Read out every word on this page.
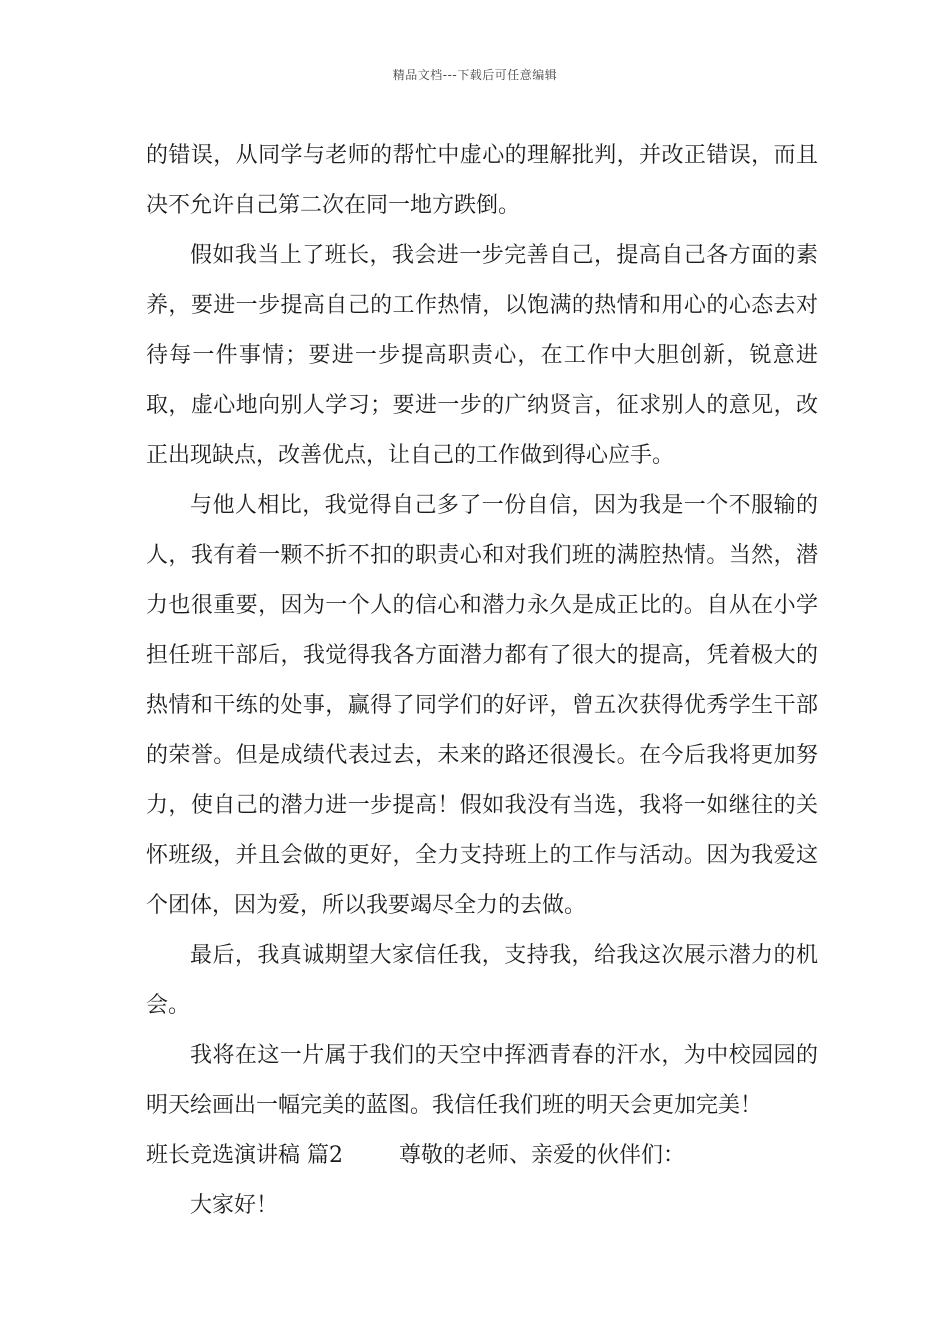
精品文档---下载后可任意编辑

的错误，从同学与老师的帮忙中虚心的理解批判，并改正错误，而且决不允许自己第二次在同一地方跌倒。

假如我当上了班长，我会进一步完善自己，提高自己各方面的素养，要进一步提高自己的工作热情，以饱满的热情和用心的心态去对待每一件事情；要进一步提高职责心，在工作中大胆创新，锐意进取，虚心地向别人学习；要进一步的广纳贤言，征求别人的意见，改正出现缺点，改善优点，让自己的工作做到得心应手。

与他人相比，我觉得自己多了一份自信，因为我是一个不服输的人，我有着一颗不折不扣的职责心和对我们班的满腔热情。当然，潜力也很重要，因为一个人的信心和潜力永久是成正比的。自从在小学担任班干部后，我觉得我各方面潜力都有了很大的提高，凭着极大的热情和干练的处事，赢得了同学们的好评，曾五次获得优秀学生干部的荣誉。但是成绩代表过去，未来的路还很漫长。在今后我将更加努力，使自己的潜力进一步提高！假如我没有当选，我将一如继往的关怀班级，并且会做的更好，全力支持班上的工作与活动。因为我爱这个团体，因为爱，所以我要竭尽全力的去做。

最后，我真诚期望大家信任我，支持我，给我这次展示潜力的机会。

我将在这一片属于我们的天空中挥洒青春的汗水，为中校园园的明天绘画出一幅完美的蓝图。我信任我们班的明天会更加完美！

班长竞选演讲稿 篇2	尊敬的老师、亲爱的伙伴们：

大家好！
